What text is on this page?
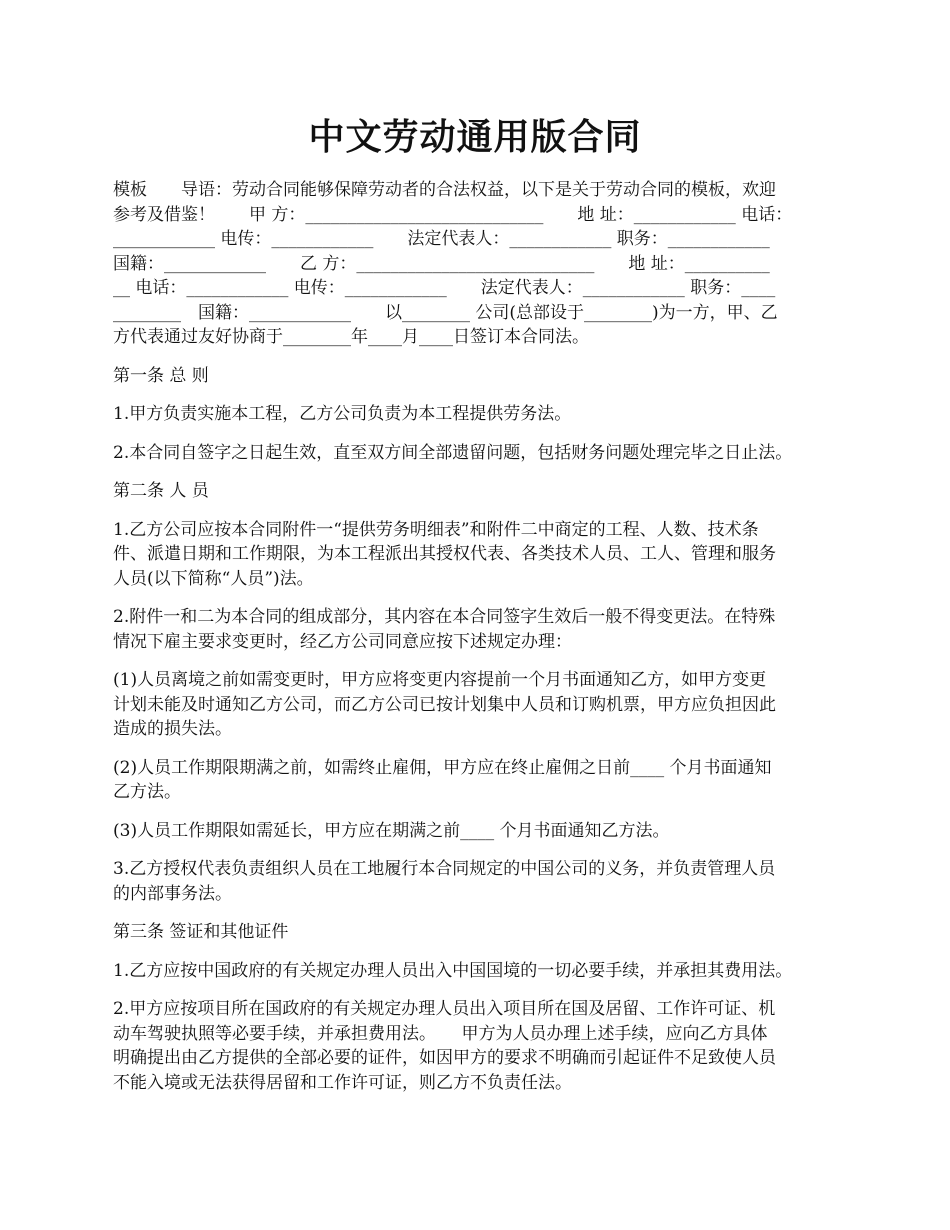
中文劳动通用版合同
模板　　导语：劳动合同能够保障劳动者的合法权益，以下是关于劳动合同的模板，欢迎
参考及借鉴！　　甲 方：____________________________　　地 址：____________ 电话：
____________ 电传：____________　　法定代表人：____________ 职务：____________
国籍：____________　　乙 方：____________________________　　地 址：__________
__ 电话：____________ 电传：____________　　法定代表人：____________ 职务：____
________　国籍：____________　　以________ 公司(总部设于________)为一方，甲、乙
方代表通过友好协商于________年____月____日签订本合同法。
第一条 总 则
1.甲方负责实施本工程，乙方公司负责为本工程提供劳务法。
2.本合同自签字之日起生效，直至双方间全部遗留问题，包括财务问题处理完毕之日止法。
第二条 人 员
1.乙方公司应按本合同附件一“提供劳务明细表”和附件二中商定的工程、人数、技术条
件、派遣日期和工作期限，为本工程派出其授权代表、各类技术人员、工人、管理和服务
人员(以下简称“人员”)法。
2.附件一和二为本合同的组成部分，其内容在本合同签字生效后一般不得变更法。在特殊
情况下雇主要求变更时，经乙方公司同意应按下述规定办理：
(1)人员离境之前如需变更时，甲方应将变更内容提前一个月书面通知乙方，如甲方变更
计划未能及时通知乙方公司，而乙方公司已按计划集中人员和订购机票，甲方应负担因此
造成的损失法。
(2)人员工作期限期满之前，如需终止雇佣，甲方应在终止雇佣之日前____ 个月书面通知
乙方法。
(3)人员工作期限如需延长，甲方应在期满之前____ 个月书面通知乙方法。
3.乙方授权代表负责组织人员在工地履行本合同规定的中国公司的义务，并负责管理人员
的内部事务法。
第三条 签证和其他证件
1.乙方应按中国政府的有关规定办理人员出入中国国境的一切必要手续，并承担其费用法。
2.甲方应按项目所在国政府的有关规定办理人员出入项目所在国及居留、工作许可证、机
动车驾驶执照等必要手续，并承担费用法。　　甲方为人员办理上述手续，应向乙方具体
明确提出由乙方提供的全部必要的证件，如因甲方的要求不明确而引起证件不足致使人员
不能入境或无法获得居留和工作许可证，则乙方不负责任法。
